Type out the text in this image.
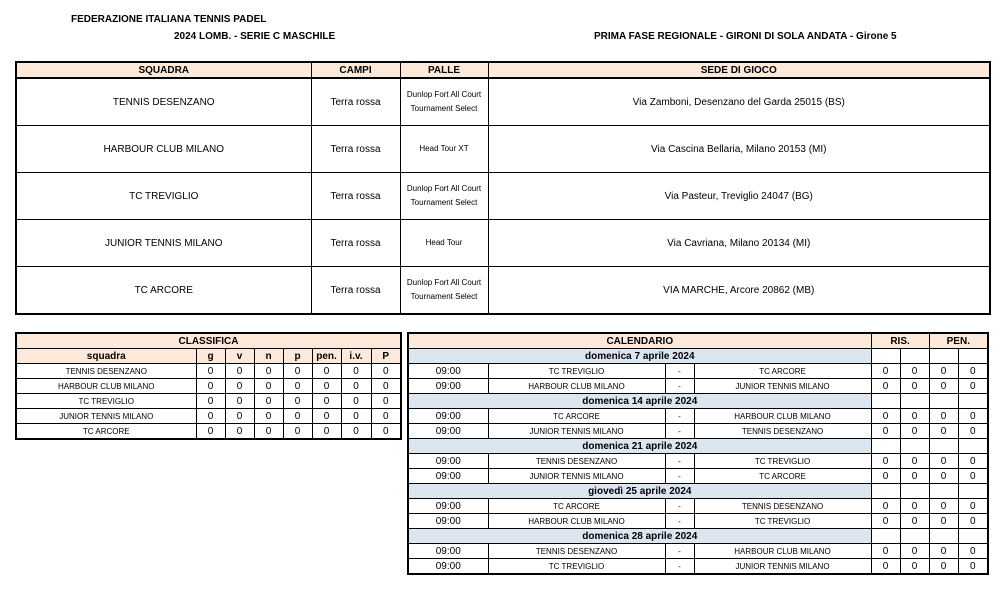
FEDERAZIONE ITALIANA TENNIS PADEL
2024 LOMB. - SERIE C MASCHILE	PRIMA FASE REGIONALE - GIRONI DI SOLA ANDATA - Girone 5
SQUADRA	CAMPI	PALLE	SEDE DI GIOCO
TENNIS DESENZANO	Terra rossa	Dunlop Fort All Court Tournament Select	Via Zamboni, Desenzano del Garda 25015 (BS)
HARBOUR CLUB MILANO	Terra rossa	Head Tour XT	Via Cascina Bellaria, Milano 20153 (MI)
TC TREVIGLIO	Terra rossa	Dunlop Fort All Court Tournament Select	Via Pasteur, Treviglio 24047 (BG)
JUNIOR TENNIS MILANO	Terra rossa	Head Tour	Via Cavriana, Milano 20134 (MI)
TC ARCORE	Terra rossa	Dunlop Fort All Court Tournament Select	VIA MARCHE, Arcore 20862 (MB)
CLASSIFICA							
squadra	g	v	n	p	pen.	i.v.	P
TENNIS DESENZANO	0	0	0	0	0	0	0
HARBOUR CLUB MILANO	0	0	0	0	0	0	0
TC TREVIGLIO	0	0	0	0	0	0	0
JUNIOR TENNIS MILANO	0	0	0	0	0	0	0
TC ARCORE	0	0	0	0	0	0	0
CALENDARIO				RIS.		PEN.	
domenica 7 aprile 2024							
09:00	TC TREVIGLIO	-	TC ARCORE	0	0	0	0
09:00	HARBOUR CLUB MILANO	-	JUNIOR TENNIS MILANO	0	0	0	0
domenica 14 aprile 2024							
09:00	TC ARCORE	-	HARBOUR CLUB MILANO	0	0	0	0
09:00	JUNIOR TENNIS MILANO	-	TENNIS DESENZANO	0	0	0	0
domenica 21 aprile 2024							
09:00	TENNIS DESENZANO	-	TC TREVIGLIO	0	0	0	0
09:00	JUNIOR TENNIS MILANO	-	TC ARCORE	0	0	0	0
giovedì 25 aprile 2024							
09:00	TC ARCORE	-	TENNIS DESENZANO	0	0	0	0
09:00	HARBOUR CLUB MILANO	-	TC TREVIGLIO	0	0	0	0
domenica 28 aprile 2024							
09:00	TENNIS DESENZANO	-	HARBOUR CLUB MILANO	0	0	0	0
09:00	TC TREVIGLIO	-	JUNIOR TENNIS MILANO	0	0	0	0
